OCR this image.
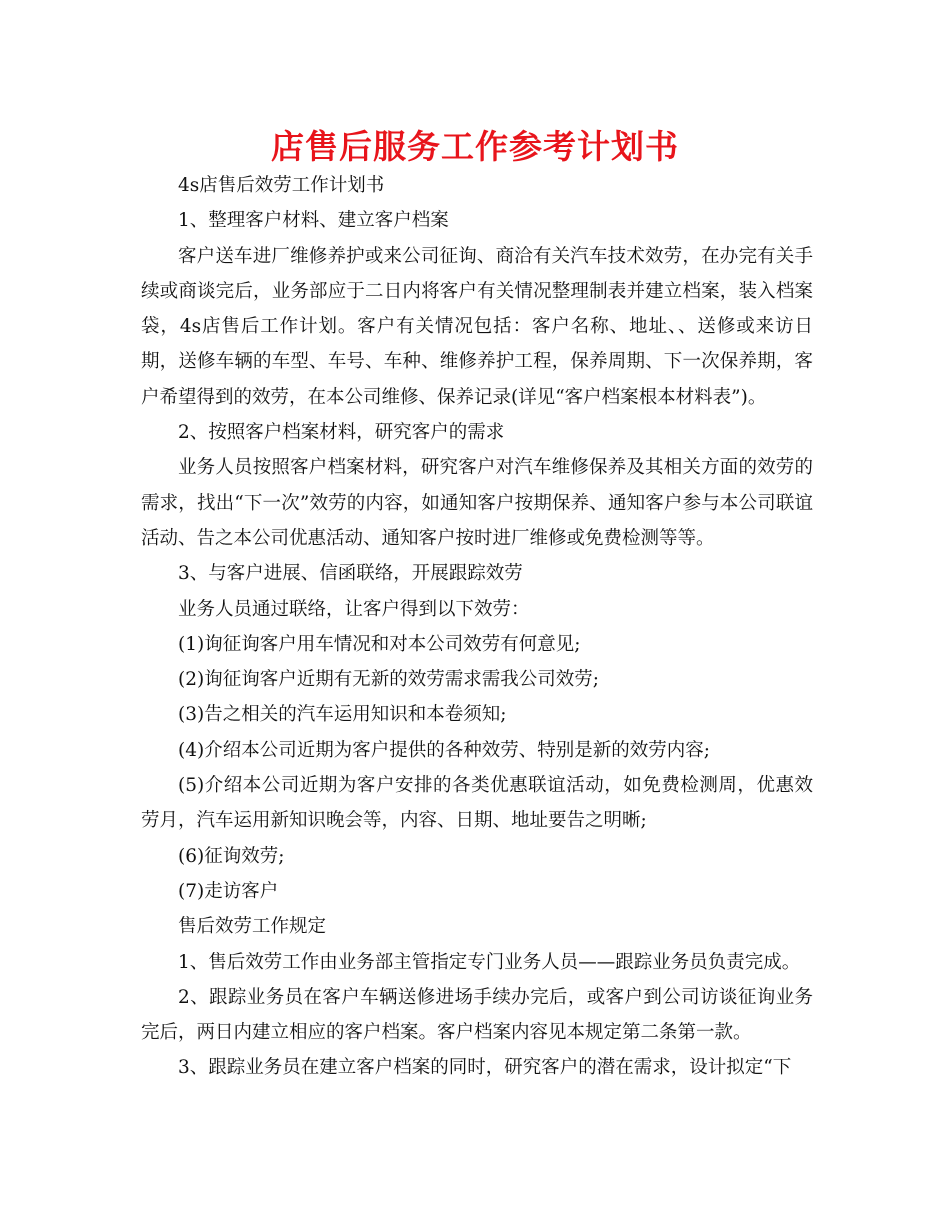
店售后服务工作参考计划书

4s店售后效劳工作计划书

1、整理客户材料、建立客户档案

客户送车进厂维修养护或来公司征询、商洽有关汽车技术效劳，在办完有关手续或商谈完后，业务部应于二日内将客户有关情况整理制表并建立档案，装入档案袋，4s店售后工作计划。客户有关情况包括：客户名称、地址、、送修或来访日期，送修车辆的车型、车号、车种、维修养护工程，保养周期、下一次保养期，客户希望得到的效劳，在本公司维修、保养记录(详见“客户档案根本材料表”)。

2、按照客户档案材料，研究客户的需求

业务人员按照客户档案材料，研究客户对汽车维修保养及其相关方面的效劳的需求，找出“下一次”效劳的内容，如通知客户按期保养、通知客户参与本公司联谊活动、告之本公司优惠活动、通知客户按时进厂维修或免费检测等等。

3、与客户进展、信函联络，开展跟踪效劳

业务人员通过联络，让客户得到以下效劳：

(1)询征询客户用车情况和对本公司效劳有何意见;

(2)询征询客户近期有无新的效劳需求需我公司效劳;

(3)告之相关的汽车运用知识和本卷须知;

(4)介绍本公司近期为客户提供的各种效劳、特别是新的效劳内容;

(5)介绍本公司近期为客户安排的各类优惠联谊活动，如免费检测周，优惠效劳月，汽车运用新知识晚会等，内容、日期、地址要告之明晰;

(6)征询效劳;

(7)走访客户

售后效劳工作规定

1、售后效劳工作由业务部主管指定专门业务人员——跟踪业务员负责完成。

2、跟踪业务员在客户车辆送修进场手续办完后，或客户到公司访谈征询业务完后，两日内建立相应的客户档案。客户档案内容见本规定第二条第一款。

3、跟踪业务员在建立客户档案的同时，研究客户的潜在需求，设计拟定“下
